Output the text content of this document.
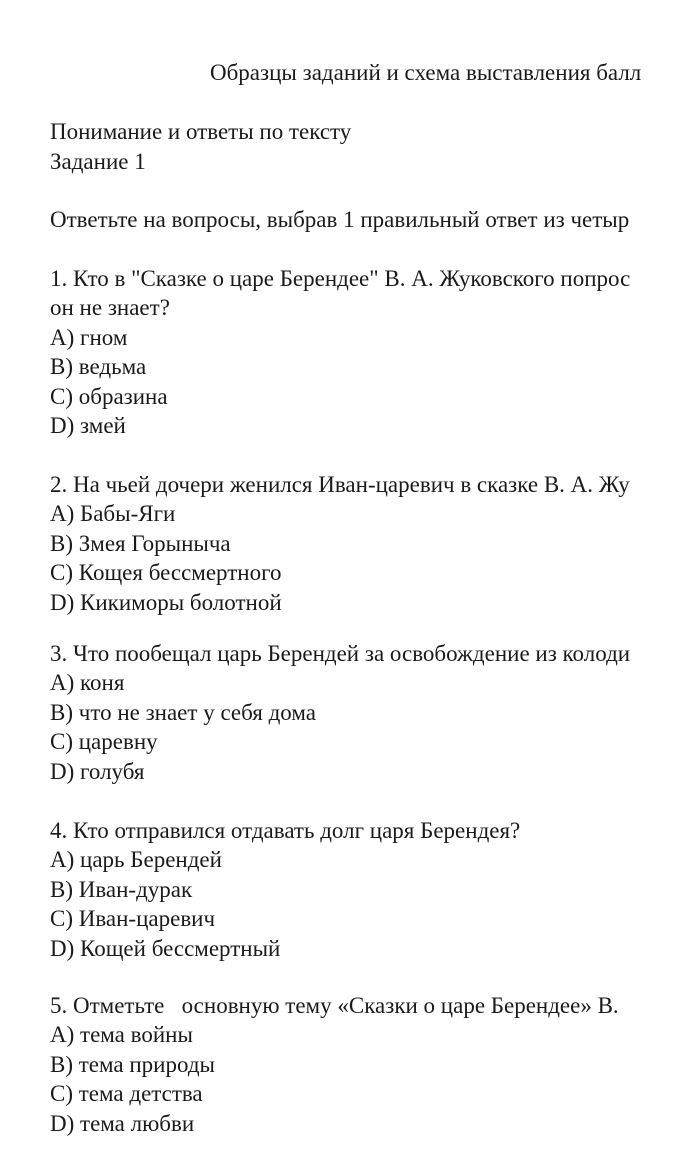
Образцы заданий и схема выставления балл
Понимание и ответы по тексту
Задание 1
Ответьте на вопросы, выбрав 1 правильный ответ из четыр
1. Кто в "Сказке о царе Берендее" В. А. Жуковского попрос
он не знает?
A) гном
B) ведьма
C) образина
D) змей
2. На чьей дочери женился Иван-царевич в сказке В. А. Жу
A) Бабы-Яги
B) Змея Горыныча
C) Кощея бессмертного
D) Кикиморы болотной
3. Что пообещал царь Берендей за освобождение из колоди
A) коня
B) что не знает у себя дома
C) царевну
D) голубя
4. Кто отправился отдавать долг царя Берендея?
A) царь Берендей
B) Иван-дурак
C) Иван-царевич
D) Кощей бессмертный
5. Отметьте   основную тему «Сказки о царе Берендее» В.
A) тема войны
B) тема природы
C) тема детства
D) тема любви
